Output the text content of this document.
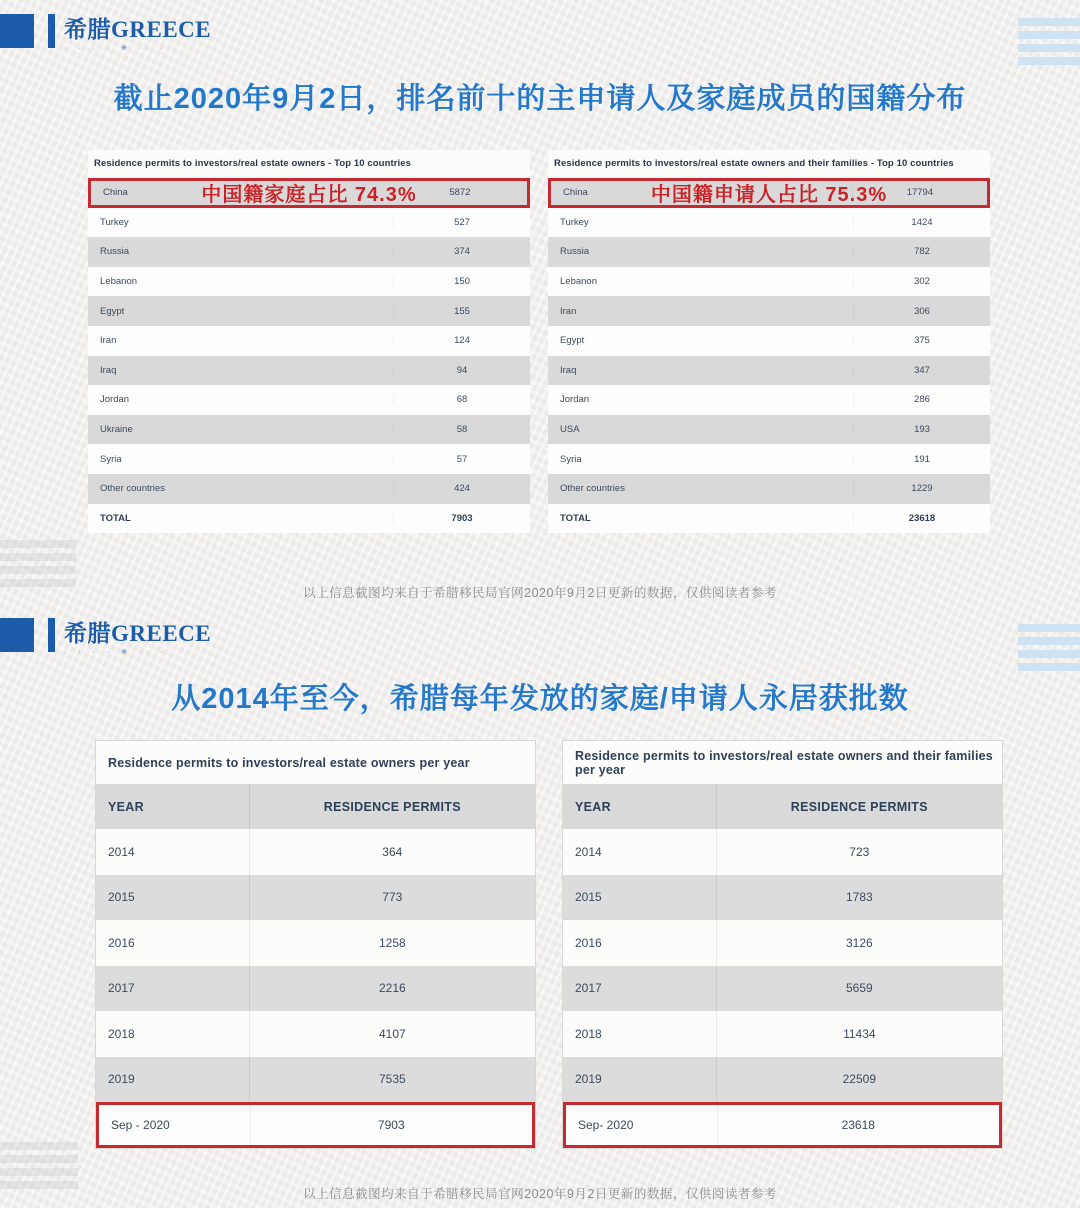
希腊GREECE
· · · · ※ ·· ·
截止2020年9月2日，排名前十的主申请人及家庭成员的国籍分布
Residence permits to investors/real estate owners - Top 10 countries
China	5872
中国籍家庭占比 74.3%
Turkey	527
Russia	374
Lebanon	150
Egypt	155
Iran	124
Iraq	94
Jordan	68
Ukraine	58
Syria	57
Other countries	424
TOTAL	7903
Residence permits to investors/real estate owners and their families - Top 10 countries
China	17794
中国籍申请人占比 75.3%
Turkey	1424
Russia	782
Lebanon	302
Iran	306
Egypt	375
Iraq	347
Jordan	286
USA	193
Syria	191
Other countries	1229
TOTAL	23618
以上信息截图均来自于希腊移民局官网2020年9月2日更新的数据，仅供阅读者参考
希腊GREECE
· · · · ※ ·· ·
从2014年至今，希腊每年发放的家庭/申请人永居获批数
Residence permits to investors/real estate owners per year
YEAR	RESIDENCE PERMITS
2014	364
2015	773
2016	1258
2017	2216
2018	4107
2019	7535
Sep - 2020	7903
Residence permits to investors/real estate owners and their families per year
YEAR	RESIDENCE PERMITS
2014	723
2015	1783
2016	3126
2017	5659
2018	11434
2019	22509
Sep- 2020	23618
以上信息截图均来自于希腊移民局官网2020年9月2日更新的数据，仅供阅读者参考
